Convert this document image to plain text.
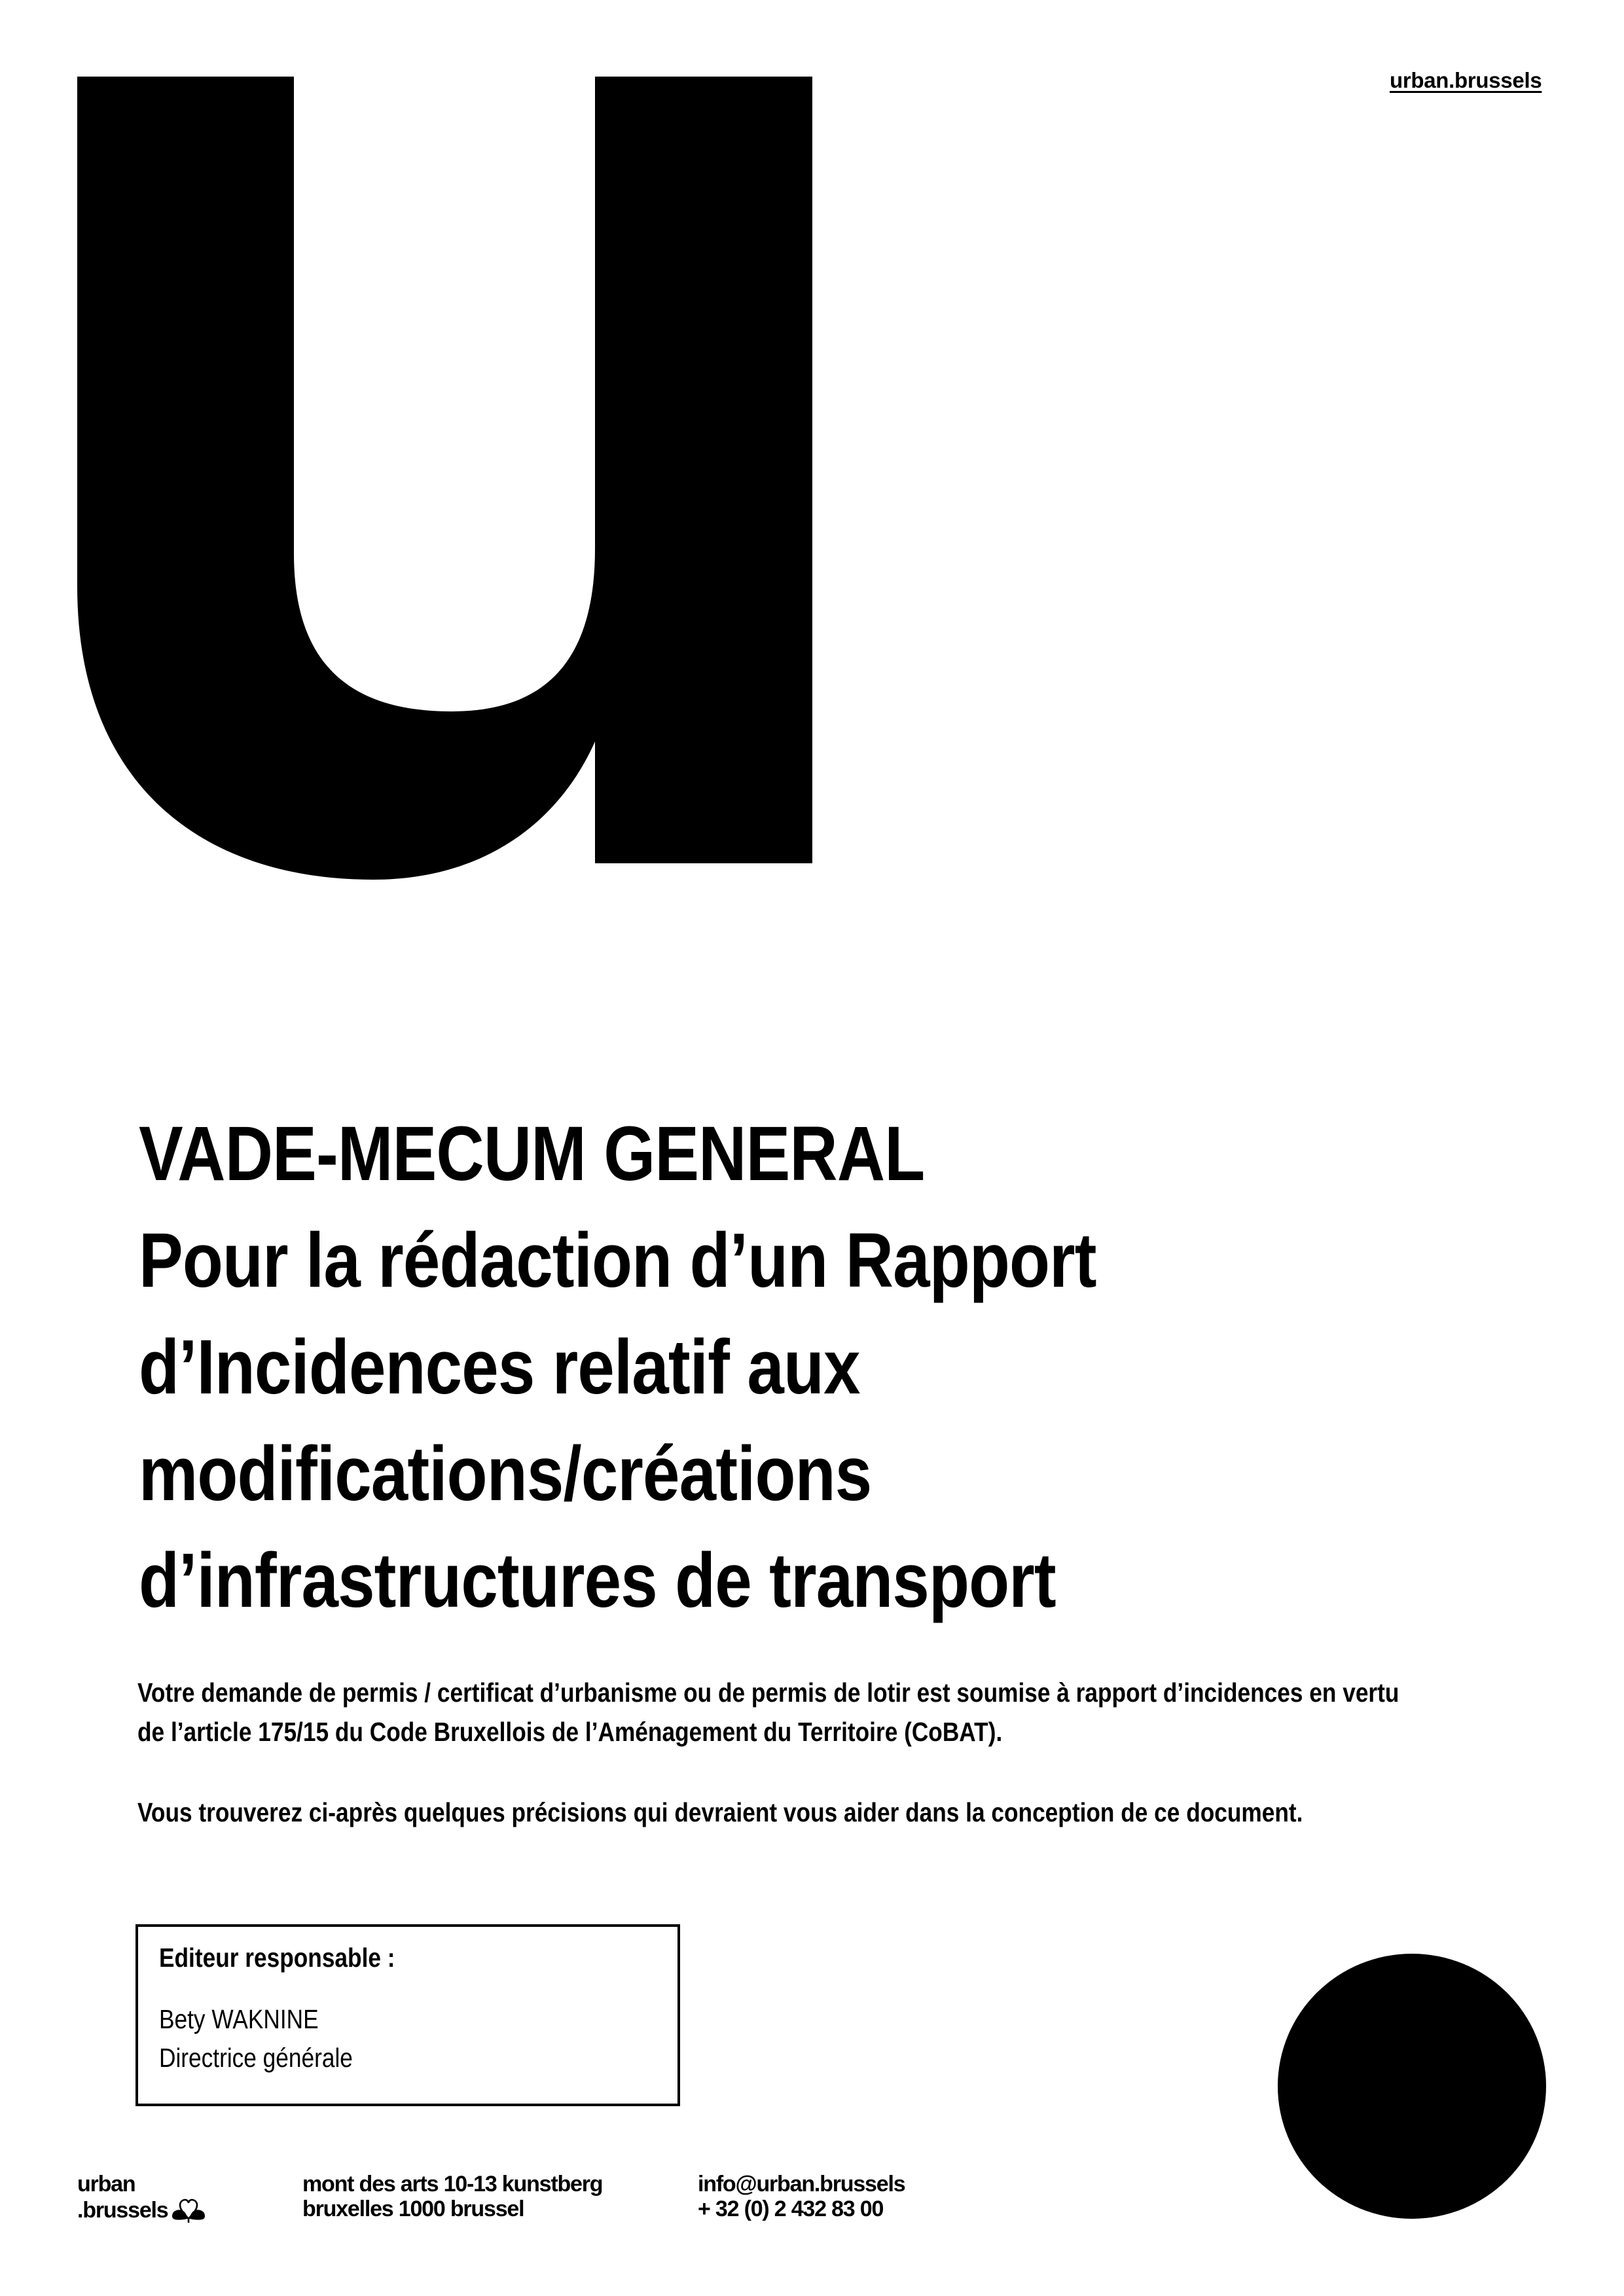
urban.brussels
VADE-MECUM GENERAL
Pour la rédaction d’un Rapport
d’Incidences relatif aux
modifications/créations
d’infrastructures de transport

Votre demande de permis / certificat d’urbanisme ou de permis de lotir est soumise à rapport d’incidences en vertu
de l’article 175/15 du Code Bruxellois de l’Aménagement du Territoire (CoBAT).

Vous trouverez ci-après quelques précisions qui devraient vous aider dans la conception de ce document.

Editeur responsable :
Bety WAKNINE
Directrice générale
urban
.brussels
mont des arts 10-13 kunstberg
bruxelles 1000 brussel
info@urban.brussels
+ 32 (0) 2 432 83 00
